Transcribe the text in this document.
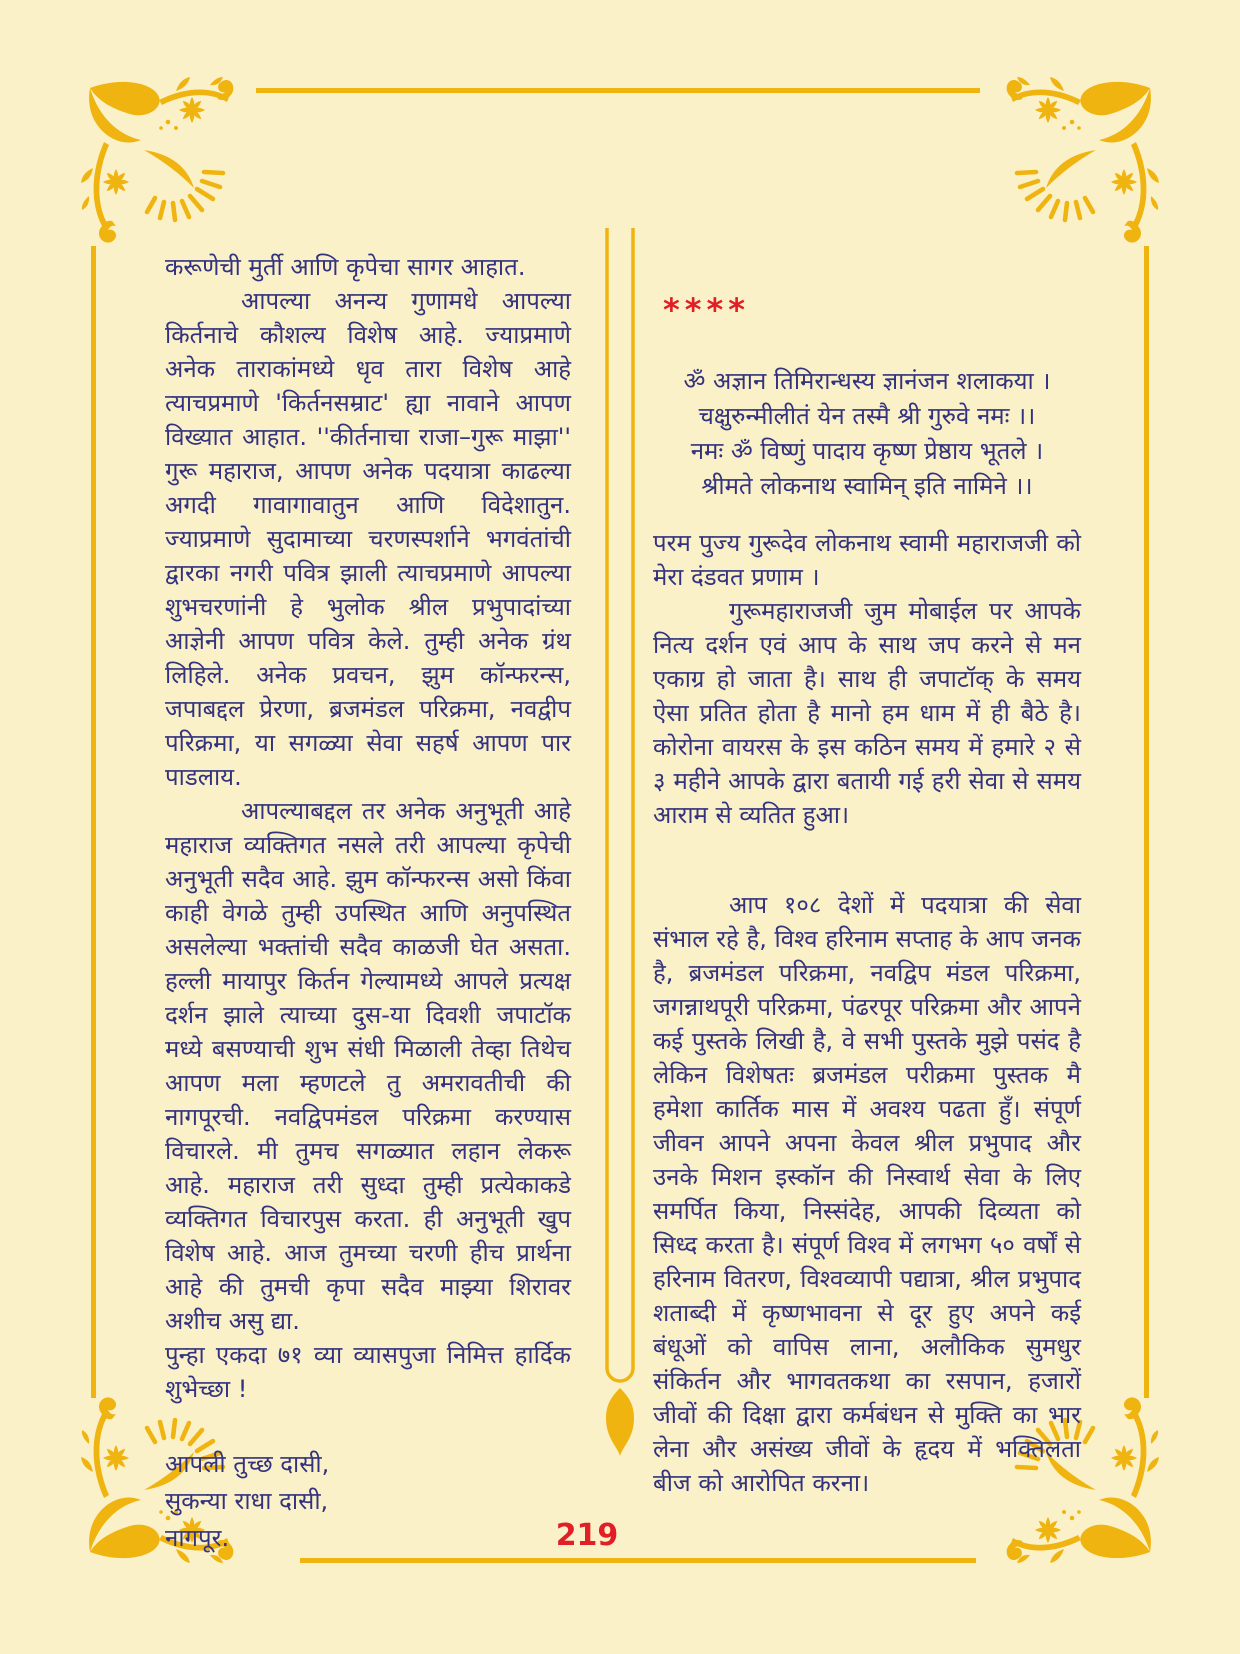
करूणेची मुर्ती आणि कृपेचा सागर आहात.

आपल्या अनन्य गुणामधे आपल्या किर्तनाचे कौशल्य विशेष आहे. ज्याप्रमाणे अनेक ताराकांमध्ये धृव तारा विशेष आहे त्याचप्रमाणे 'किर्तनसम्राट' ह्या नावाने आपण विख्यात आहात. ''कीर्तनाचा राजा–गुरू माझा'' गुरू महाराज, आपण अनेक पदयात्रा काढल्या अगदी गावागावातुन आणि विदेशातुन. ज्याप्रमाणे सुदामाच्या चरणस्पर्शाने भगवंतांची द्वारका नगरी पवित्र झाली त्याचप्रमाणे आपल्या शुभचरणांनी हे भुलोक श्रील प्रभुपादांच्या आज्ञेनी आपण पवित्र केले. तुम्ही अनेक ग्रंथ लिहिले. अनेक प्रवचन, झुम कॉन्फरन्स, जपाबद्दल प्रेरणा, ब्रजमंडल परिक्रमा, नवद्वीप परिक्रमा, या सगळ्या सेवा सहर्ष आपण पार पाडलाय.

आपल्याबद्दल तर अनेक अनुभूती आहे महाराज व्यक्तिगत नसले तरी आपल्या कृपेची अनुभूती सदैव आहे. झुम कॉन्फरन्स असो किंवा काही वेगळे तुम्ही उपस्थित आणि अनुपस्थित असलेल्या भक्तांची सदैव काळजी घेत असता. हल्ली मायापुर किर्तन गेल्यामध्ये आपले प्रत्यक्ष दर्शन झाले त्याच्या दुस-या दिवशी जपाटॉक मध्ये बसण्याची शुभ संधी मिळाली तेव्हा तिथेच आपण मला म्हणटले तु अमरावतीची की नागपूरची. नवद्विपमंडल परिक्रमा करण्यास विचारले. मी तुमच सगळ्यात लहान लेकरू आहे. महाराज तरी सुध्दा तुम्ही प्रत्येकाकडे व्यक्तिगत विचारपुस करता. ही अनुभूती खुप विशेष आहे. आज तुमच्या चरणी हीच प्रार्थना आहे की तुमची कृपा सदैव माझ्या शिरावर अशीच असु द्या.

पुन्हा एकदा ७१ व्या व्यासपुजा निमित्त हार्दिक शुभेच्छा !

आपली तुच्छ दासी,
सुकन्या राधा दासी,
नागपूर.
****
ॐ अज्ञान तिमिरान्धस्य ज्ञानंजन शलाकया ।
चक्षुरुन्मीलीतं येन तस्मै श्री गुरुवे नमः ।।
नमः ॐ विष्णुं पादाय कृष्ण प्रेष्ठाय भूतले ।
श्रीमते लोकनाथ स्वामिन् इति नामिने ।।

परम पुज्य गुरूदेव लोकनाथ स्वामी महाराजजी को मेरा दंडवत प्रणाम ।

गुरूमहाराजजी जुम मोबाईल पर आपके नित्य दर्शन एवं आप के साथ जप करने से मन एकाग्र हो जाता है। साथ ही जपाटॉक् के समय ऐसा प्रतित होता है मानो हम धाम में ही बैठे है। कोरोना वायरस के इस कठिन समय में हमारे २ से ३ महीने आपके द्वारा बतायी गई हरी सेवा से समय आराम से व्यतित हुआ।

आप १०८ देशों में पदयात्रा की सेवा संभाल रहे है, विश्व हरिनाम सप्ताह के आप जनक है, ब्रजमंडल परिक्रमा, नवद्विप मंडल परिक्रमा, जगन्नाथपूरी परिक्रमा, पंढरपूर परिक्रमा और आपने कई पुस्तके लिखी है, वे सभी पुस्तके मुझे पसंद है लेकिन विशेषतः ब्रजमंडल परीक्रमा पुस्तक मै हमेशा कार्तिक मास में अवश्य पढता हुँ। संपूर्ण जीवन आपने अपना केवल श्रील प्रभुपाद और उनके मिशन इस्कॉन की निस्वार्थ सेवा के लिए समर्पित किया, निस्संदेह, आपकी दिव्यता को सिध्द करता है। संपूर्ण विश्व में लगभग ५० वर्षों से हरिनाम वितरण, विश्वव्यापी पद्यात्रा, श्रील प्रभुपाद शताब्दी में कृष्णभावना से दूर हुए अपने कई बंधूओं को वापिस लाना, अलौकिक सुमधुर संकिर्तन और भागवतकथा का रसपान, हजारों जीवों की दिक्षा द्वारा कर्मबंधन से मुक्ति का भार लेना और असंख्य जीवों के हृदय में भक्तिलता बीज को आरोपित करना।

219
